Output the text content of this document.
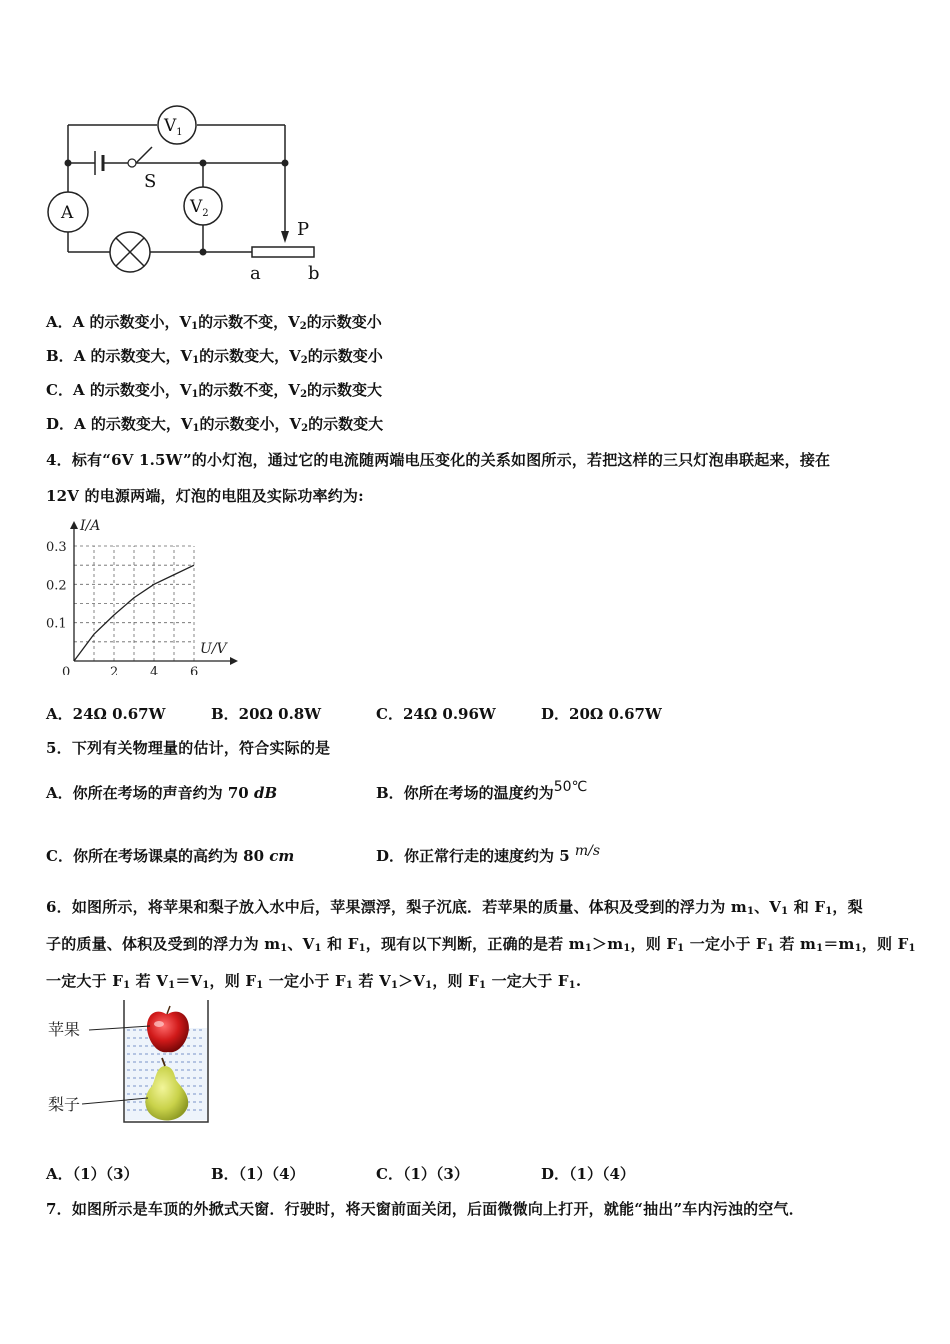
$V_1$
$V_2$
A
S
P
a	b
A．A 的示数变小，$V_1$的示数不变，$V_2$的示数变小
B．A 的示数变大，$V_1$的示数变大，$V_2$的示数变小
C．A 的示数变小，$V_1$的示数不变，$V_2$的示数变大
D．A 的示数变大，$V_1$的示数变小，$V_2$的示数变大
4．标有“6V 1.5W”的小灯泡，通过它的电流随两端电压变化的关系如图所示，若把这样的三只灯泡串联起来，接在
12V 的电源两端，灯泡的电阻及实际功率约为:
0	2 4 6
0.1
0.2
0.3
I/A
U/V
A．24Ω 0.67W	B．20Ω 0.8W	C．24Ω 0.96W	D．20Ω 0.67W
5．下列有关物理量的估计，符合实际的是
A．你所在考场的声音约为 70 dB	B．你所在考场的温度约为50℃
C．你所在考场课桌的高约为 80 cm	D．你正常行走的速度约为 5 m/s
6．如图所示，将苹果和梨子放入水中后，苹果漂浮，梨子沉底．若苹果的质量、体积及受到的浮力为 $m_1$、$V_1$ 和 $F_1$，梨
子的质量、体积及受到的浮力为 $m_1$、$V_1$ 和 $F_1$，现有以下判断，正确的是若 $m_1>m_1$，则 $F_1$ 一定小于 $F_1$ 若 $m_1=m_1$，则 $F_1$
一定大于 $F_1$ 若 $V_1=V_1$，则 $F_1$ 一定小于 $F_1$ 若 $V_1>V_1$，则 $F_1$ 一定大于 $F_1$.
苹果
梨子
A．（1）（3）	B．（1）（4）	C．（1）（3）	D．（1）（4）
7．如图所示是车顶的外掀式天窗．行驶时，将天窗前面关闭，后面微微向上打开，就能“抽出”车内污浊的空气．
